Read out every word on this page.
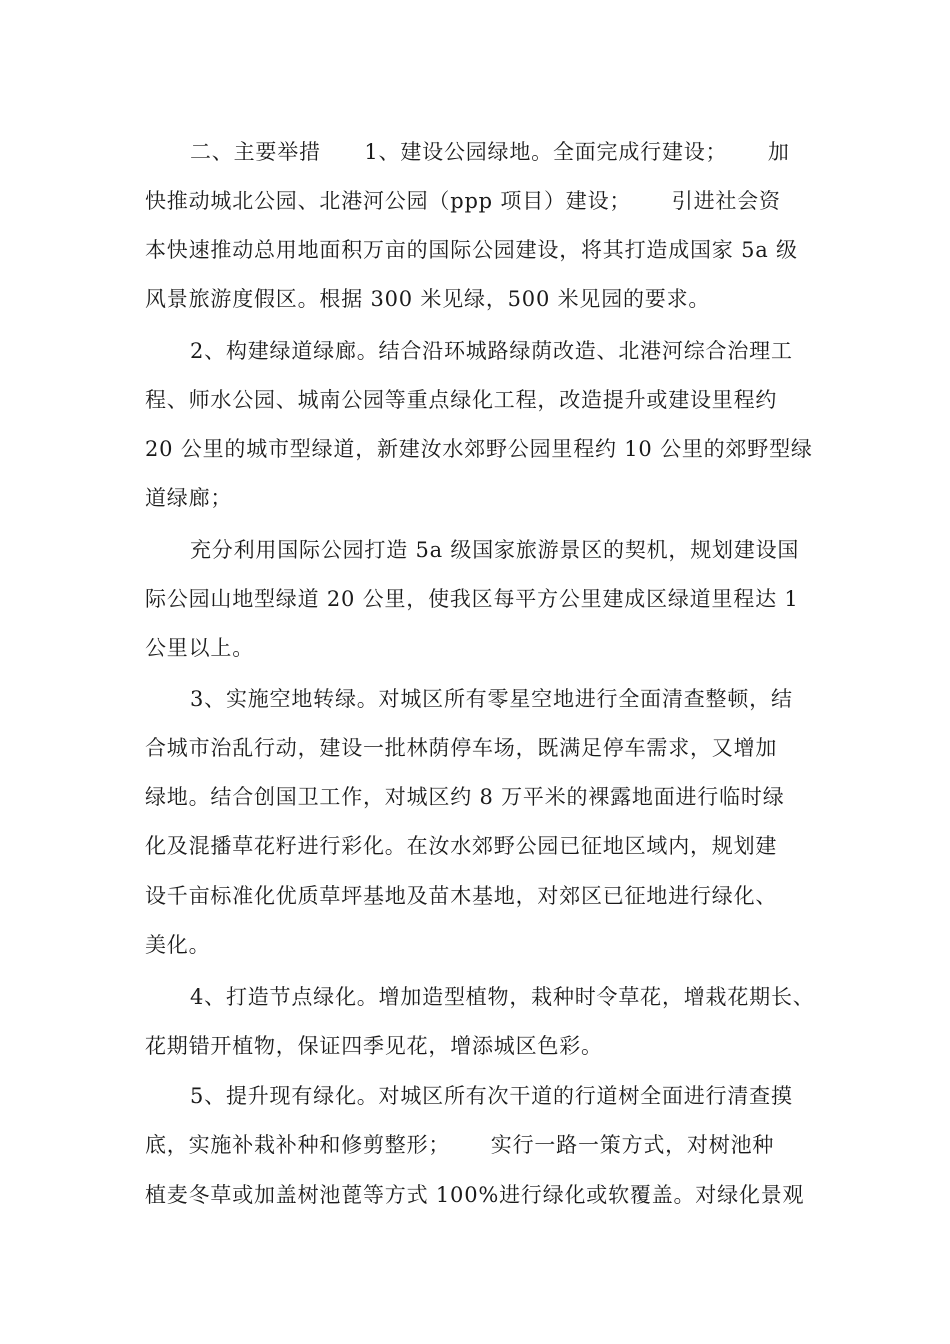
二、主要举措　　1、建设公园绿地。全面完成行建设；　　 加
快推动城北公园、北港河公园（ppp 项目）建设；　　 引进社会资
本快速推动总用地面积万亩的国际公园建设，将其打造成国家 5a 级
风景旅游度假区。根据 300 米见绿，500 米见园的要求。
2、构建绿道绿廊。结合沿环城路绿荫改造、北港河综合治理工
程、师水公园、城南公园等重点绿化工程，改造提升或建设里程约
20 公里的城市型绿道，新建汝水郊野公园里程约 10 公里的郊野型绿
道绿廊；
充分利用国际公园打造 5a 级国家旅游景区的契机，规划建设国
际公园山地型绿道 20 公里，使我区每平方公里建成区绿道里程达 1
公里以上。
3、实施空地转绿。对城区所有零星空地进行全面清查整顿，结
合城市治乱行动，建设一批林荫停车场，既满足停车需求，又增加
绿地。结合创国卫工作，对城区约 8 万平米的裸露地面进行临时绿
化及混播草花籽进行彩化。在汝水郊野公园已征地区域内，规划建
设千亩标准化优质草坪基地及苗木基地，对郊区已征地进行绿化、
美化。
4、打造节点绿化。增加造型植物，栽种时令草花，增栽花期长、
花期错开植物，保证四季见花，增添城区色彩。
5、提升现有绿化。对城区所有次干道的行道树全面进行清查摸
底，实施补栽补种和修剪整形；　　 实行一路一策方式，对树池种
植麦冬草或加盖树池蓖等方式 100%进行绿化或软覆盖。对绿化景观
